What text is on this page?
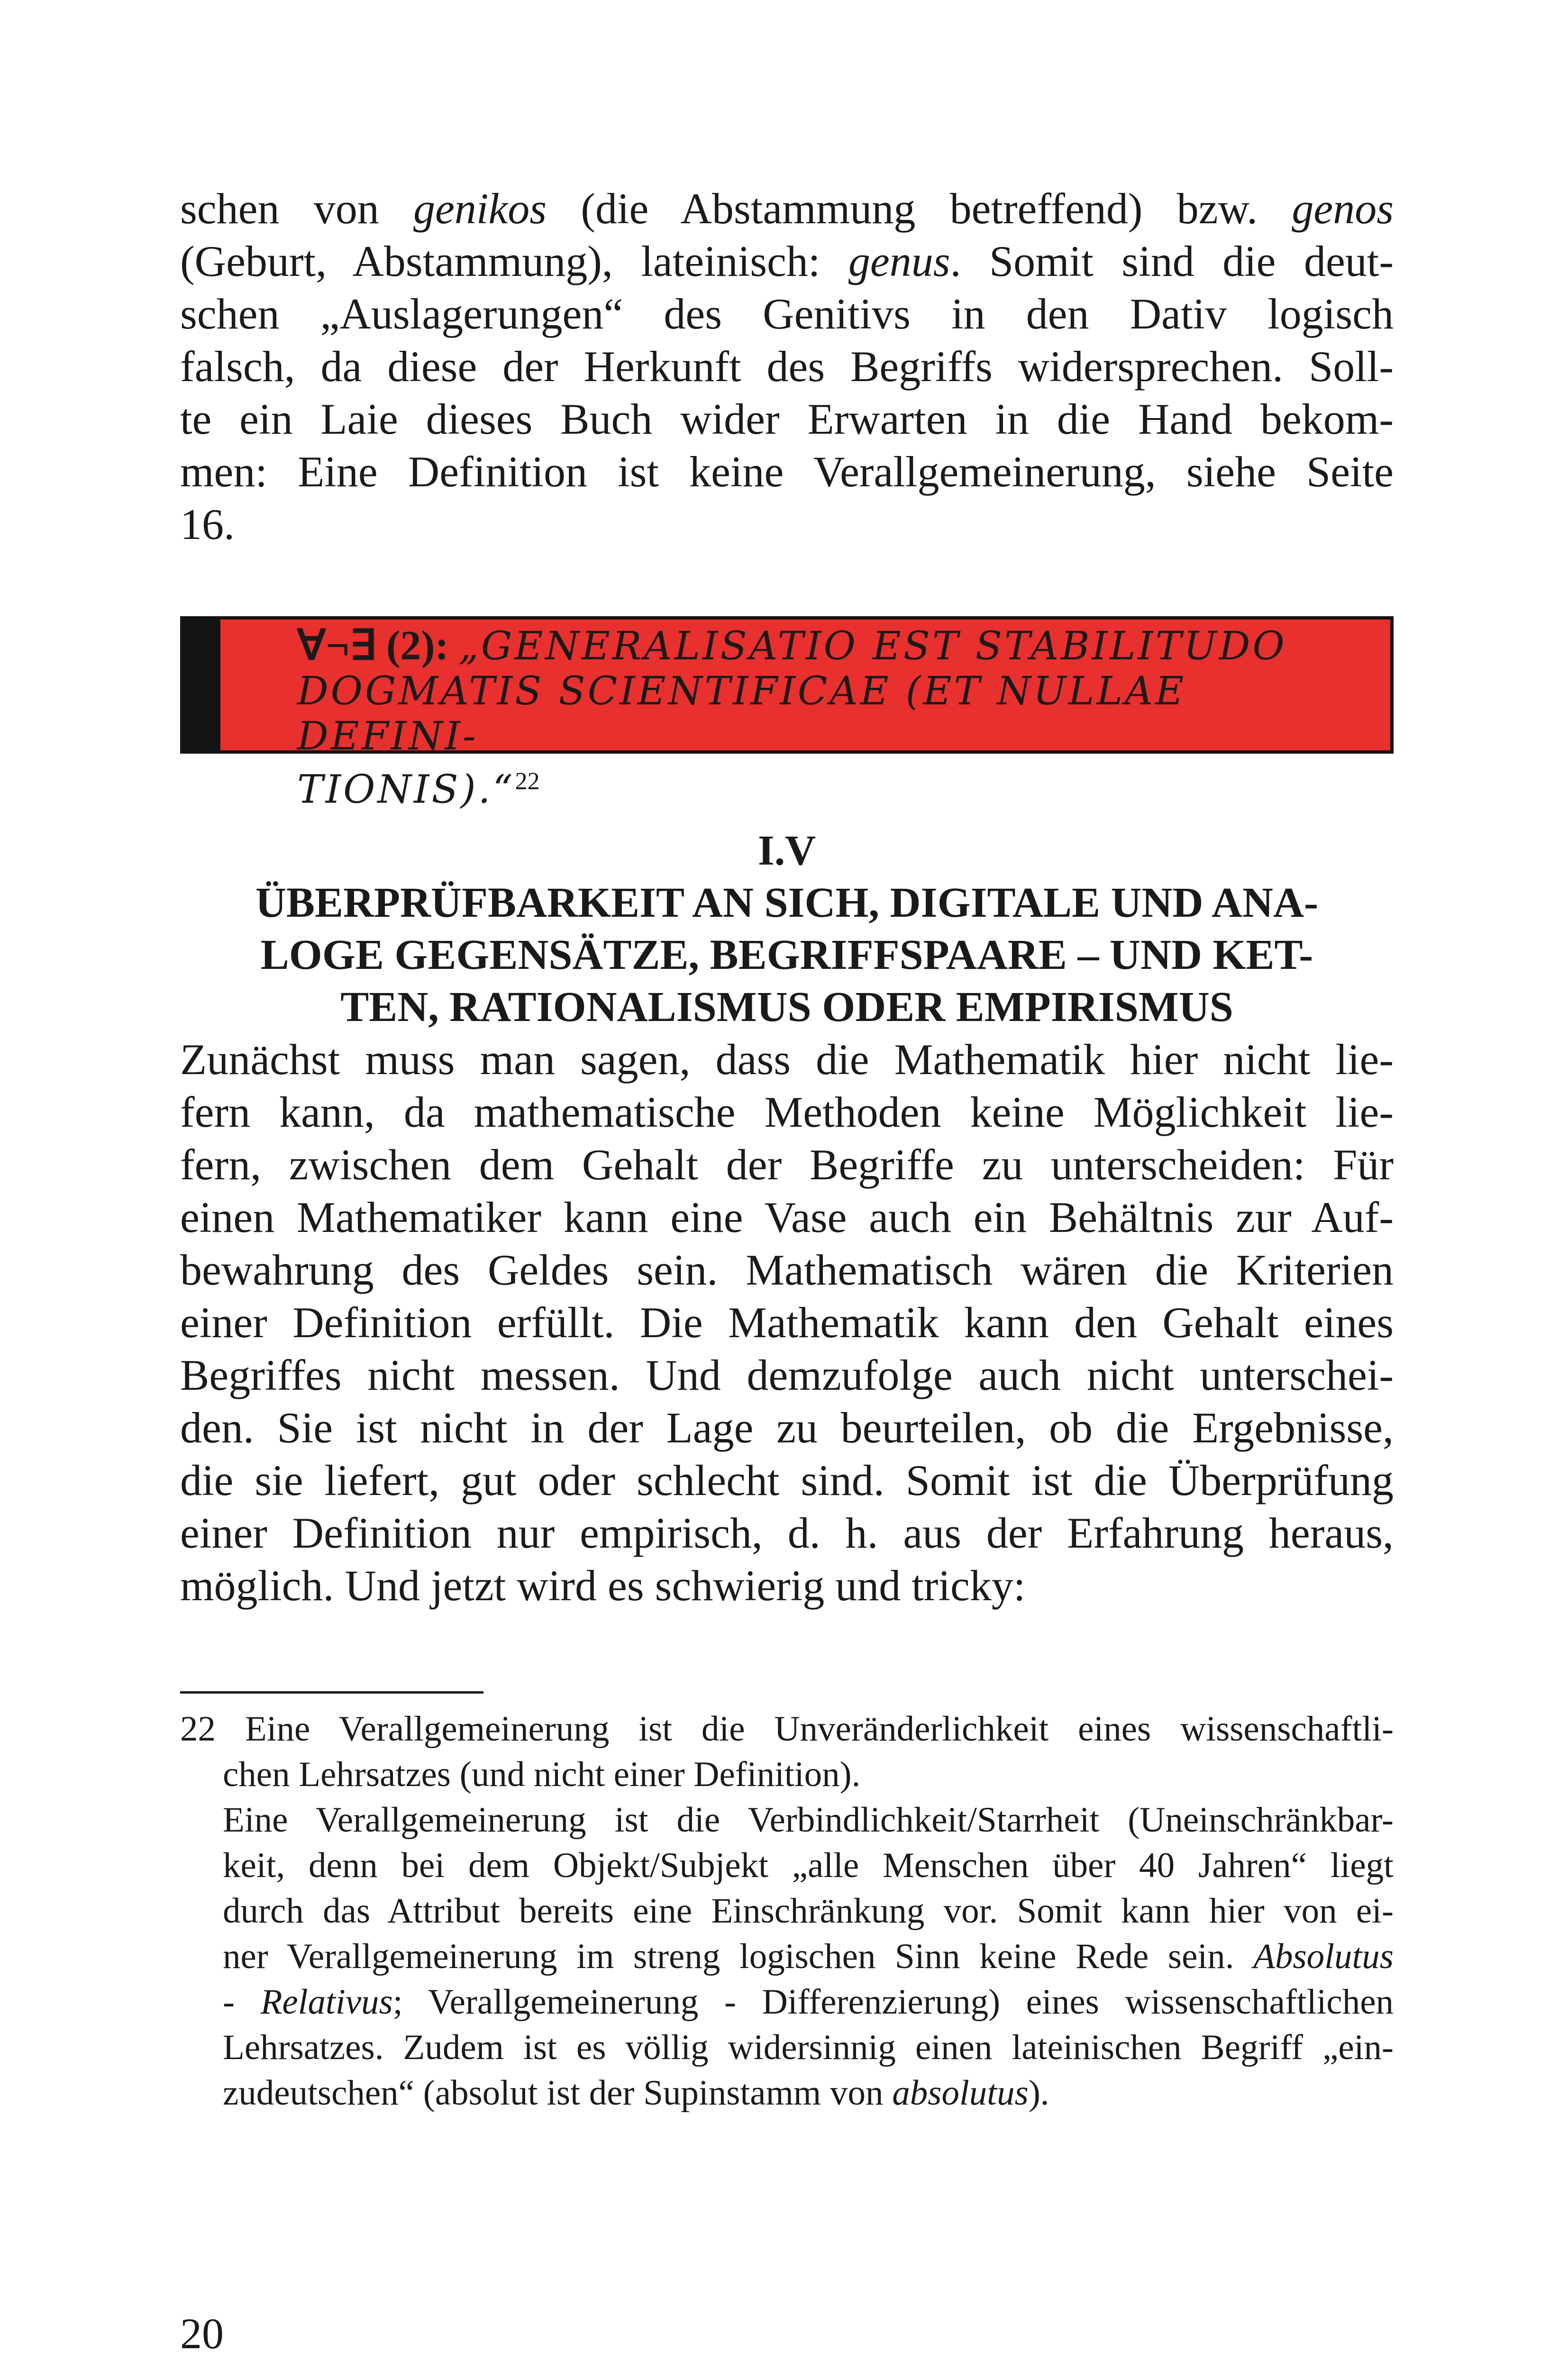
schen von genikos (die Abstammung betreffend) bzw. genos
(Geburt, Abstammung), lateinisch: genus. Somit sind die deut-
schen „Auslagerungen“ des Genitivs in den Dativ logisch
falsch, da diese der Herkunft des Begriffs widersprechen. Soll-
te ein Laie dieses Buch wider Erwarten in die Hand bekom-
men: Eine Definition ist keine Verallgemeinerung, siehe Seite
16.

∀¬∃ (2): „GENERALISATIO EST STABILITUDO
DOGMATIS SCIENTIFICAE (ET NULLAE DEFINI-
TIONIS).“$^{22}$
I.V
ÜBERPRÜFBARKEIT AN SICH, DIGITALE UND ANA-
LOGE GEGENSÄTZE, BEGRIFFSPAARE – UND KET-
TEN, RATIONALISMUS ODER EMPIRISMUS

Zunächst muss man sagen, dass die Mathematik hier nicht lie-
fern kann, da mathematische Methoden keine Möglichkeit lie-
fern, zwischen dem Gehalt der Begriffe zu unterscheiden: Für
einen Mathematiker kann eine Vase auch ein Behältnis zur Auf-
bewahrung des Geldes sein. Mathematisch wären die Kriterien
einer Definition erfüllt. Die Mathematik kann den Gehalt eines
Begriffes nicht messen. Und demzufolge auch nicht unterschei-
den. Sie ist nicht in der Lage zu beurteilen, ob die Ergebnisse,
die sie liefert, gut oder schlecht sind. Somit ist die Überprüfung
einer Definition nur empirisch, d. h. aus der Erfahrung heraus,
möglich. Und jetzt wird es schwierig und tricky:

22 Eine Verallgemeinerung ist die Unveränderlichkeit eines wissenschaftli-
chen Lehrsatzes (und nicht einer Definition).
Eine Verallgemeinerung ist die Verbindlichkeit/Starrheit (Uneinschränkbar-
keit, denn bei dem Objekt/Subjekt „alle Menschen über 40 Jahren“ liegt
durch das Attribut bereits eine Einschränkung vor. Somit kann hier von ei-
ner Verallgemeinerung im streng logischen Sinn keine Rede sein. Absolutus
- Relativus; Verallgemeinerung - Differenzierung) eines wissenschaftlichen
Lehrsatzes. Zudem ist es völlig widersinnig einen lateinischen Begriff „ein-
zudeutschen“ (absolut ist der Supinstamm von absolutus).
20
